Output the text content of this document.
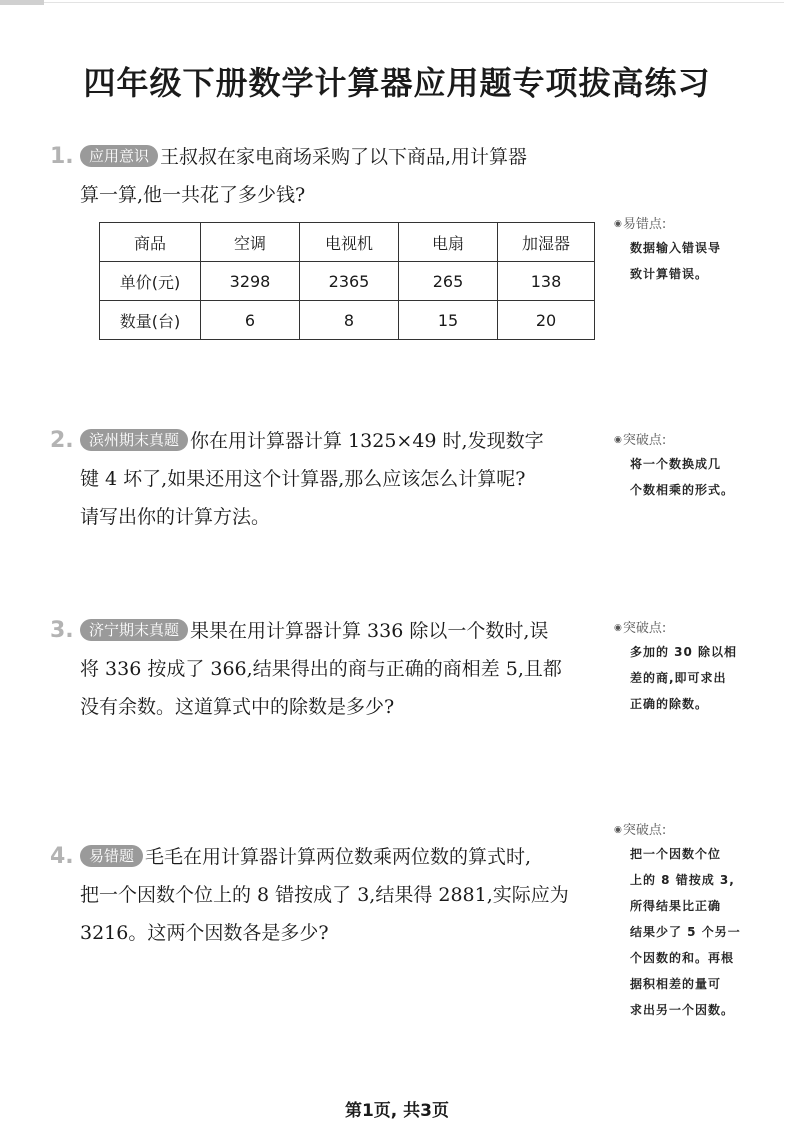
四年级下册数学计算器应用题专项拔高练习
1. 应用意识 王叔叔在家电商场采购了以下商品,用计算器
算一算,他一共花了多少钱?
商品	空调	电视机	电扇	加湿器
单价(元)	3298	2365	265	138
数量(台)	6	8	15	20
◉易错点:
数据输入错误导
致计算错误。
2. 滨州期末真题 你在用计算器计算 1325×49 时,发现数字
键 4 坏了,如果还用这个计算器,那么应该怎么计算呢?
请写出你的计算方法。
◉突破点:
将一个数换成几
个数相乘的形式。
3. 济宁期末真题 果果在用计算器计算 336 除以一个数时,误
将 336 按成了 366,结果得出的商与正确的商相差 5,且都
没有余数。这道算式中的除数是多少?
◉突破点:
多加的 30 除以相
差的商,即可求出
正确的除数。
4. 易错题 毛毛在用计算器计算两位数乘两位数的算式时,
把一个因数个位上的 8 错按成了 3,结果得 2881,实际应为
3216。这两个因数各是多少?
◉突破点:
把一个因数个位
上的 8 错按成 3,
所得结果比正确
结果少了 5 个另一
个因数的和。再根
据积相差的量可
求出另一个因数。
第1页, 共3页
